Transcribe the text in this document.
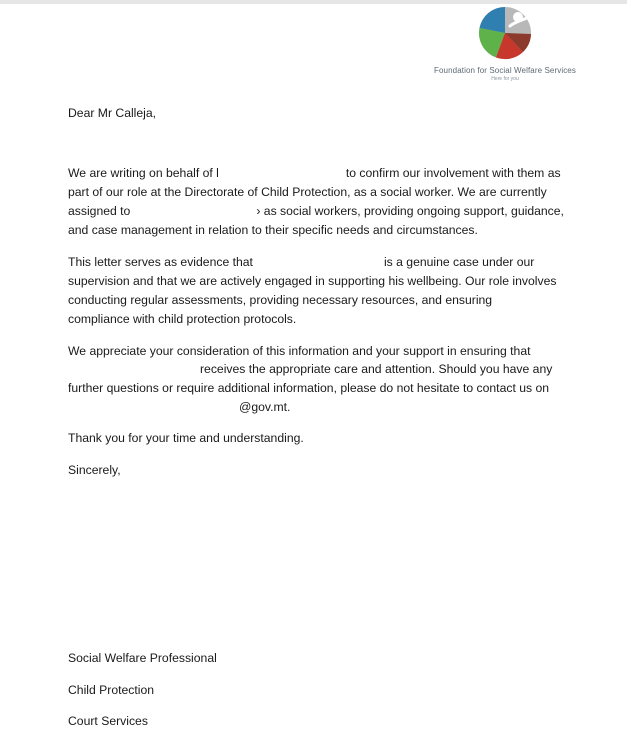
Foundation for Social Welfare Services
Here for you
Dear Mr Calleja,
We are writing on behalf of l	to confirm our involvement with them as
part of our role at the Directorate of Child Protection, as a social worker. We are currently
assigned to	› as social workers, providing ongoing support, guidance,
and case management in relation to their specific needs and circumstances.
This letter serves as evidence that	is a genuine case under our
supervision and that we are actively engaged in supporting his wellbeing. Our role involves
conducting regular assessments, providing necessary resources, and ensuring
compliance with child protection protocols.
We appreciate your consideration of this information and your support in ensuring that
receives the appropriate care and attention. Should you have any
further questions or require additional information, please do not hesitate to contact us on
@gov.mt.
Thank you for your time and understanding.
Sincerely,
Social Welfare Professional
Child Protection
Court Services
